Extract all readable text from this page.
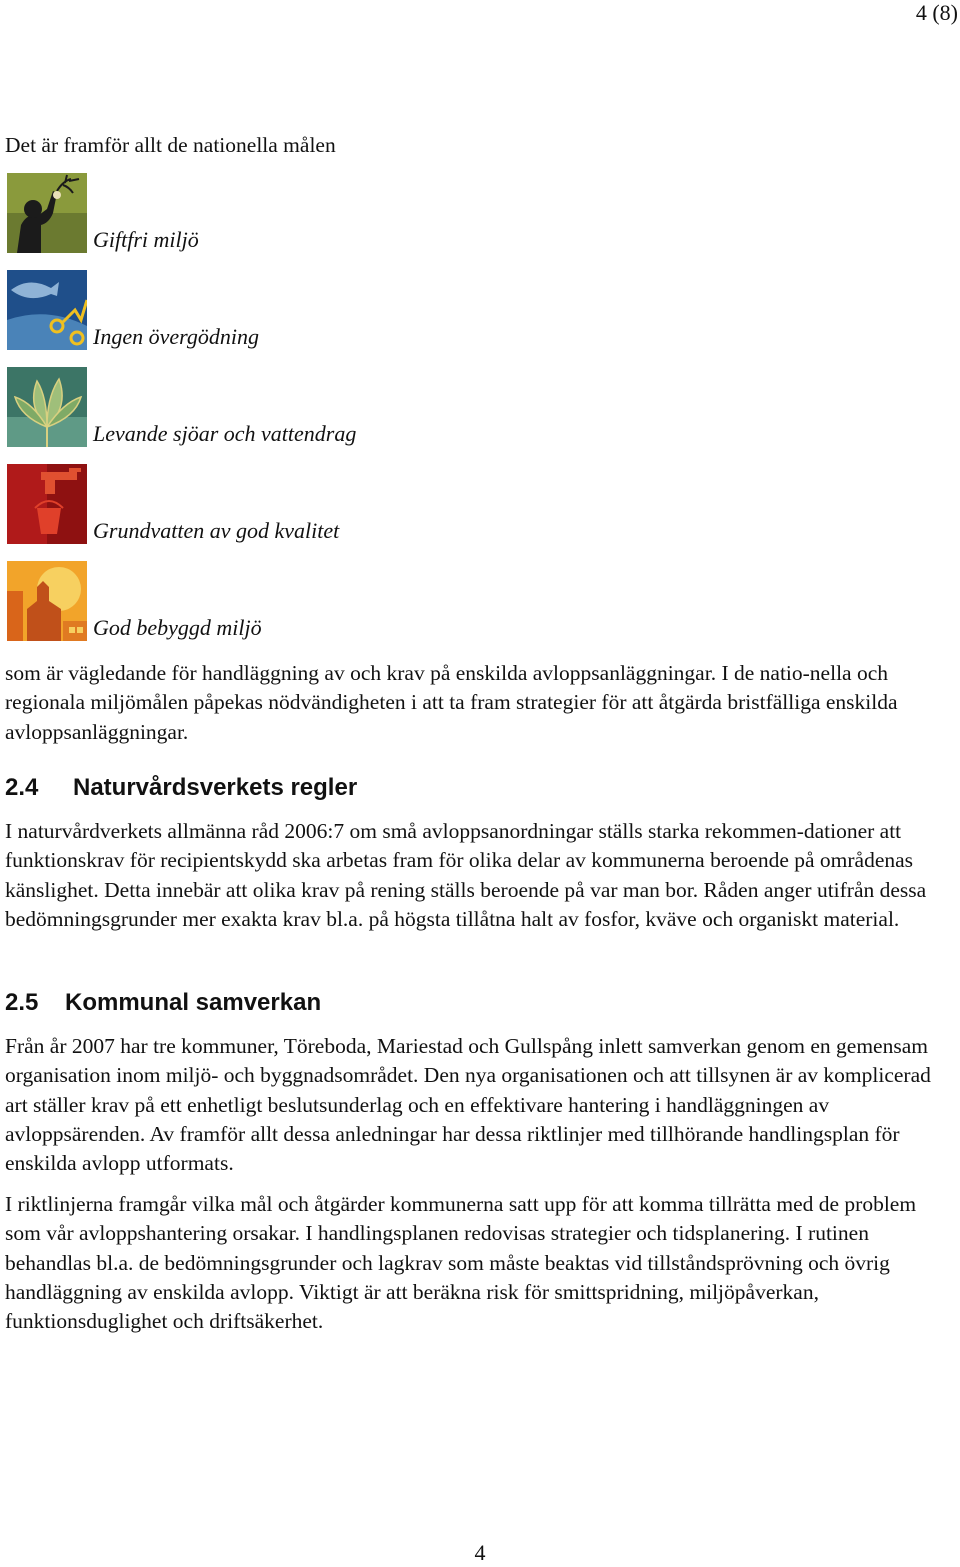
4 (8)

Det är framför allt de nationella målen

Giftfri miljö
Ingen övergödning
Levande sjöar och vattendrag
Grundvatten av god kvalitet
God bebyggd miljö

som är vägledande för handläggning av och krav på enskilda avloppsanläggningar. I de natio-nella och regionala miljömålen påpekas nödvändigheten i att ta fram strategier för att åtgärda bristfälliga enskilda avloppsanläggningar.

2.4 Naturvårdsverkets regler

I naturvårdverkets allmänna råd 2006:7 om små avloppsanordningar ställs starka rekommen-dationer att funktionskrav för recipientskydd ska arbetas fram för olika delar av kommunerna beroende på områdenas känslighet. Detta innebär att olika krav på rening ställs beroende på var man bor. Råden anger utifrån dessa bedömningsgrunder mer exakta krav bl.a. på högsta tillåtna halt av fosfor, kväve och organiskt material.

2.5 Kommunal samverkan

Från år 2007 har tre kommuner, Töreboda, Mariestad och Gullspång inlett samverkan genom en gemensam organisation inom miljö- och byggnadsområdet. Den nya organisationen och att tillsynen är av komplicerad art ställer krav på ett enhetligt beslutsunderlag och en effektivare hantering i handläggningen av avloppsärenden. Av framför allt dessa anledningar har dessa riktlinjer med tillhörande handlingsplan för enskilda avlopp utformats.

I riktlinjerna framgår vilka mål och åtgärder kommunerna satt upp för att komma tillrätta med de problem som vår avloppshantering orsakar. I handlingsplanen redovisas strategier och tidsplanering. I rutinen behandlas bl.a. de bedömningsgrunder och lagkrav som måste beaktas vid tillståndsprövning och övrig handläggning av enskilda avlopp. Viktigt är att beräkna risk för smittspridning, miljöpåverkan, funktionsduglighet och driftsäkerhet.

4
